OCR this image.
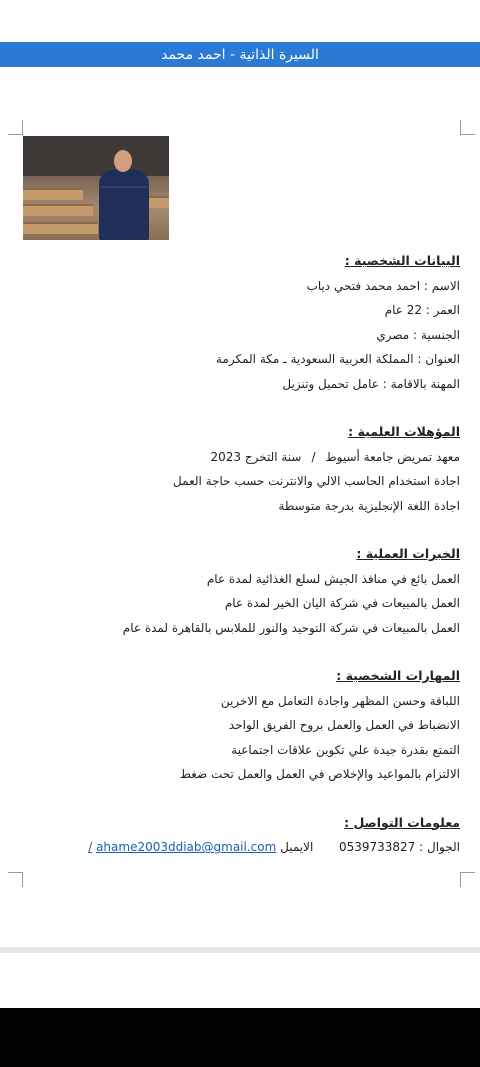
السيرة الذاتية - احمد محمد
البيانات الشخصية :
الاسم : احمد محمد فتحي دياب
العمر : 22 عام
الجنسية : مصري
العنوان : المملكة العربية السعودية ـ مكة المكرمة
المهنة بالاقامة : عامل تحميل وتنزيل
المؤهلات العلمية :
معهد تمريض جامعة أسيوط/سنة التخرج 2023
اجادة استخدام الحاسب الالي والانترنت حسب حاجة العمل
اجادة اللغة الإنجليزية بدرجة متوسطة
الخبرات العملية :
العمل بائع في منافذ الجيش لسلع الغذائية لمدة عام
العمل بالمبيعات في شركة اليان الخير لمدة عام
العمل بالمبيعات في شركة التوحيد والنور للملابس بالقاهرة لمدة عام
المهارات الشخصية :
اللباقة وحسن المظهر واجادة التعامل مع الاخرين
الانضباط في العمل والعمل بروح الفريق الواحد
التمتع بقدرة جيدة علي تكوين علاقات اجتماعية
الالتزام بالمواعيد والإخلاص في العمل والعمل تحت ضغط
معلومات التواصل :
الجوال : 0539733827  الايميل / ahame2003ddiab@gmail.com
